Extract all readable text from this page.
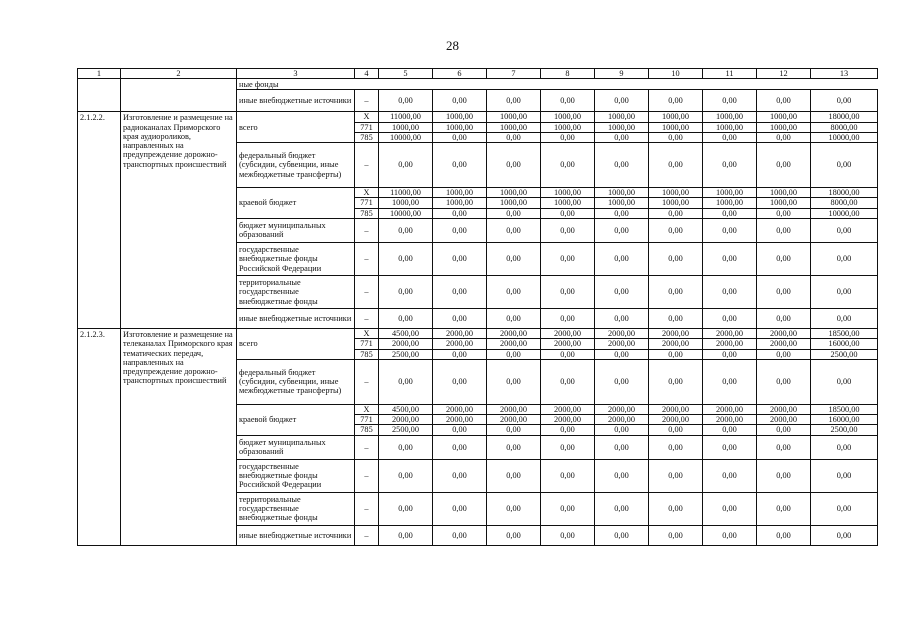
28
1	2	3	4	5	6	7	8	9	10	11	12	13
		ные фонды										
		иные внебюджетные источники	–	0,00	0,00	0,00	0,00	0,00	0,00	0,00	0,00	0,00
2.1.2.2.	Изготовление и размещение на радиоканалах Приморского края аудиороликов, направленных на предупреждение дорожно-транспортных происшествий	всего	X	11000,00	1000,00	1000,00	1000,00	1000,00	1000,00	1000,00	1000,00	18000,00
			771	1000,00	1000,00	1000,00	1000,00	1000,00	1000,00	1000,00	1000,00	8000,00
			785	10000,00	0,00	0,00	0,00	0,00	0,00	0,00	0,00	10000,00
		федеральный бюджет (субсидии, субвенции, иные межбюджетные трансферты)	–	0,00	0,00	0,00	0,00	0,00	0,00	0,00	0,00	0,00
		краевой бюджет	X	11000,00	1000,00	1000,00	1000,00	1000,00	1000,00	1000,00	1000,00	18000,00
			771	1000,00	1000,00	1000,00	1000,00	1000,00	1000,00	1000,00	1000,00	8000,00
			785	10000,00	0,00	0,00	0,00	0,00	0,00	0,00	0,00	10000,00
		бюджет муниципальных образований	–	0,00	0,00	0,00	0,00	0,00	0,00	0,00	0,00	0,00
		государственные внебюджетные фонды Российской Федерации	–	0,00	0,00	0,00	0,00	0,00	0,00	0,00	0,00	0,00
		территориальные государственные внебюджетные фонды	–	0,00	0,00	0,00	0,00	0,00	0,00	0,00	0,00	0,00
		иные внебюджетные источники	–	0,00	0,00	0,00	0,00	0,00	0,00	0,00	0,00	0,00
2.1.2.3.	Изготовление и размещение на телеканалах Приморского края тематических передач, направленных на предупреждение дорожно-транспортных происшествий	всего	X	4500,00	2000,00	2000,00	2000,00	2000,00	2000,00	2000,00	2000,00	18500,00
			771	2000,00	2000,00	2000,00	2000,00	2000,00	2000,00	2000,00	2000,00	16000,00
			785	2500,00	0,00	0,00	0,00	0,00	0,00	0,00	0,00	2500,00
		федеральный бюджет (субсидии, субвенции, иные межбюджетные трансферты)	–	0,00	0,00	0,00	0,00	0,00	0,00	0,00	0,00	0,00
		краевой бюджет	X	4500,00	2000,00	2000,00	2000,00	2000,00	2000,00	2000,00	2000,00	18500,00
			771	2000,00	2000,00	2000,00	2000,00	2000,00	2000,00	2000,00	2000,00	16000,00
			785	2500,00	0,00	0,00	0,00	0,00	0,00	0,00	0,00	2500,00
		бюджет муниципальных образований	–	0,00	0,00	0,00	0,00	0,00	0,00	0,00	0,00	0,00
		государственные внебюджетные фонды Российской Федерации	–	0,00	0,00	0,00	0,00	0,00	0,00	0,00	0,00	0,00
		территориальные государственные внебюджетные фонды	–	0,00	0,00	0,00	0,00	0,00	0,00	0,00	0,00	0,00
		иные внебюджетные источники	–	0,00	0,00	0,00	0,00	0,00	0,00	0,00	0,00	0,00
